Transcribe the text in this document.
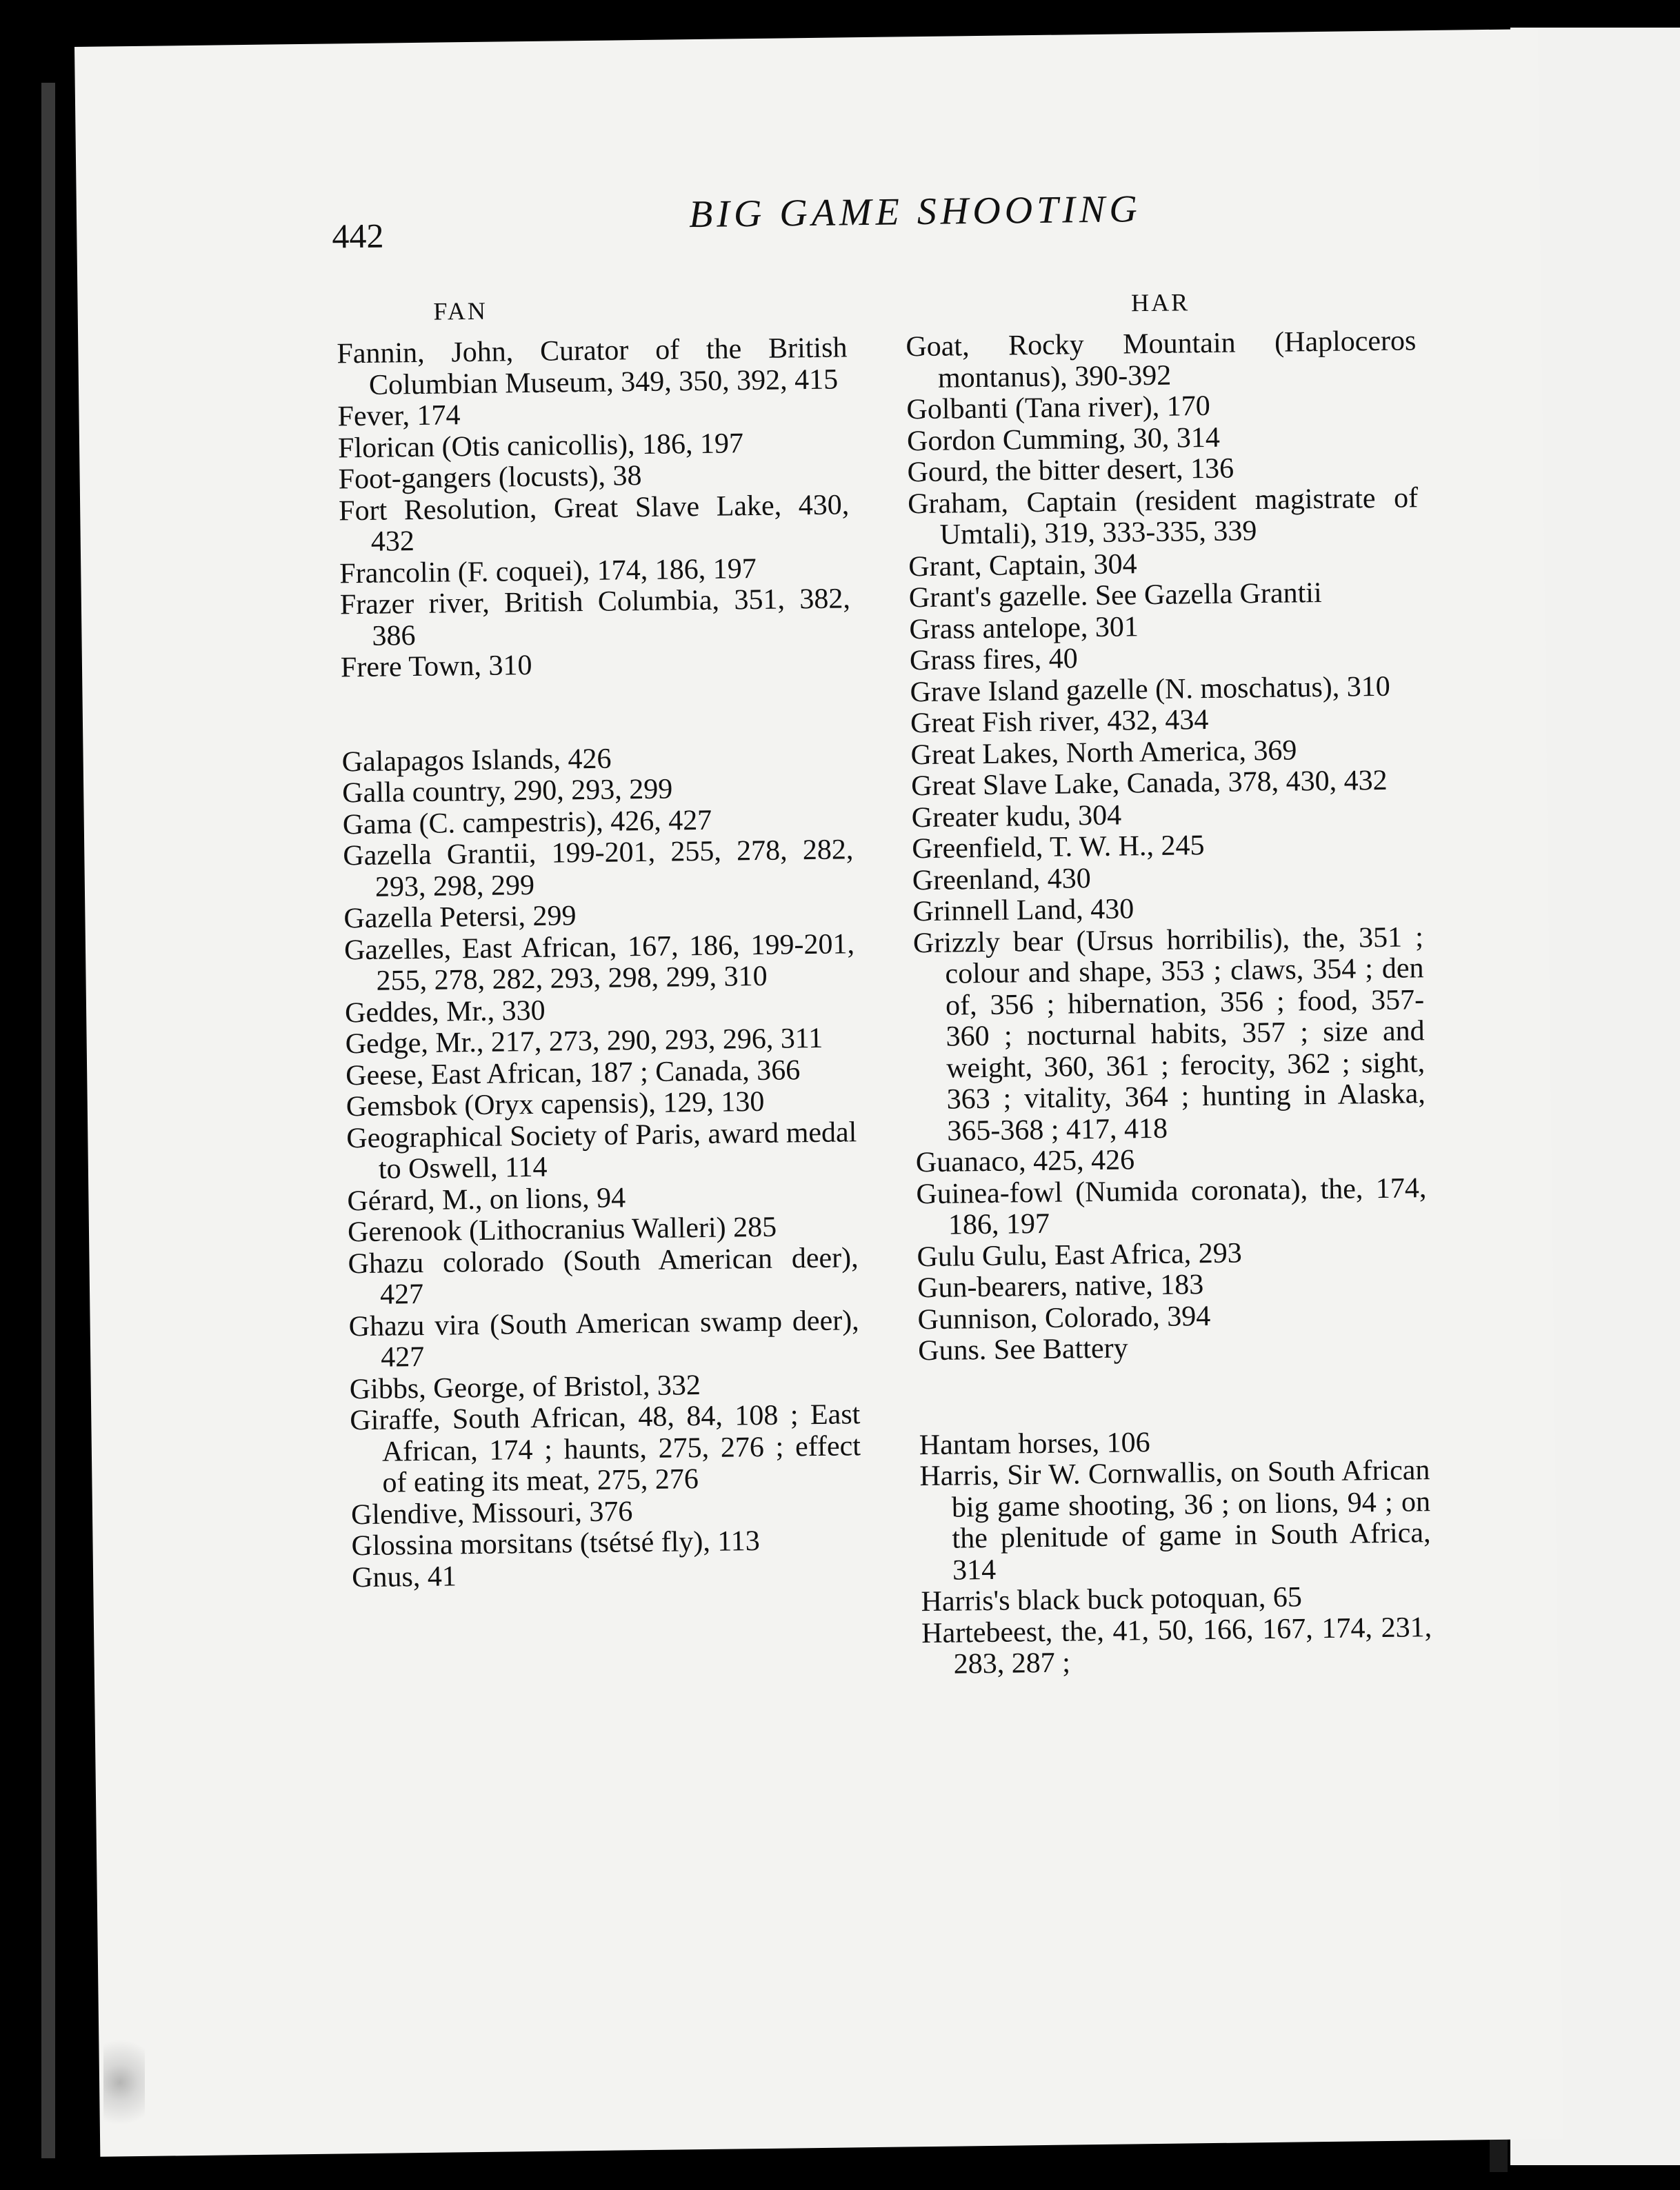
442	BIG GAME SHOOTING
FAN
Fannin, John, Curator of the British Columbian Museum, 349, 350, 392, 415
Fever, 174
Florican (Otis canicollis), 186, 197
Foot-gangers (locusts), 38
Fort Resolution, Great Slave Lake, 430, 432
Francolin (F. coquei), 174, 186, 197
Frazer river, British Columbia, 351, 382, 386
Frere Town, 310
Galapagos Islands, 426
Galla country, 290, 293, 299
Gama (C. campestris), 426, 427
Gazella Grantii, 199-201, 255, 278, 282, 293, 298, 299
Gazella Petersi, 299
Gazelles, East African, 167, 186, 199-201, 255, 278, 282, 293, 298, 299, 310
Geddes, Mr., 330
Gedge, Mr., 217, 273, 290, 293, 296, 311
Geese, East African, 187 ; Canada, 366
Gemsbok (Oryx capensis), 129, 130
Geographical Society of Paris, award medal to Oswell, 114
Gérard, M., on lions, 94
Gerenook (Lithocranius Walleri) 285
Ghazu colorado (South American deer), 427
Ghazu vira (South American swamp deer), 427
Gibbs, George, of Bristol, 332
Giraffe, South African, 48, 84, 108 ; East African, 174 ; haunts, 275, 276 ; effect of eating its meat, 275, 276
Glendive, Missouri, 376
Glossina morsitans (tsétsé fly), 113
Gnus, 41
HAR
Goat, Rocky Mountain (Haploceros montanus), 390-392
Golbanti (Tana river), 170
Gordon Cumming, 30, 314
Gourd, the bitter desert, 136
Graham, Captain (resident magistrate of Umtali), 319, 333-335, 339
Grant, Captain, 304
Grant's gazelle. See Gazella Grantii
Grass antelope, 301
Grass fires, 40
Grave Island gazelle (N. moschatus), 310
Great Fish river, 432, 434
Great Lakes, North America, 369
Great Slave Lake, Canada, 378, 430, 432
Greater kudu, 304
Greenfield, T. W. H., 245
Greenland, 430
Grinnell Land, 430
Grizzly bear (Ursus horribilis), the, 351 ; colour and shape, 353 ; claws, 354 ; den of, 356 ; hibernation, 356 ; food, 357-360 ; nocturnal habits, 357 ; size and weight, 360, 361 ; ferocity, 362 ; sight, 363 ; vitality, 364 ; hunting in Alaska, 365-368 ; 417, 418
Guanaco, 425, 426
Guinea-fowl (Numida coronata), the, 174, 186, 197
Gulu Gulu, East Africa, 293
Gun-bearers, native, 183
Gunnison, Colorado, 394
Guns. See Battery
Hantam horses, 106
Harris, Sir W. Cornwallis, on South African big game shooting, 36 ; on lions, 94 ; on the plenitude of game in South Africa, 314
Harris's black buck potoquan, 65
Hartebeest, the, 41, 50, 166, 167, 174, 231, 283, 287 ;
